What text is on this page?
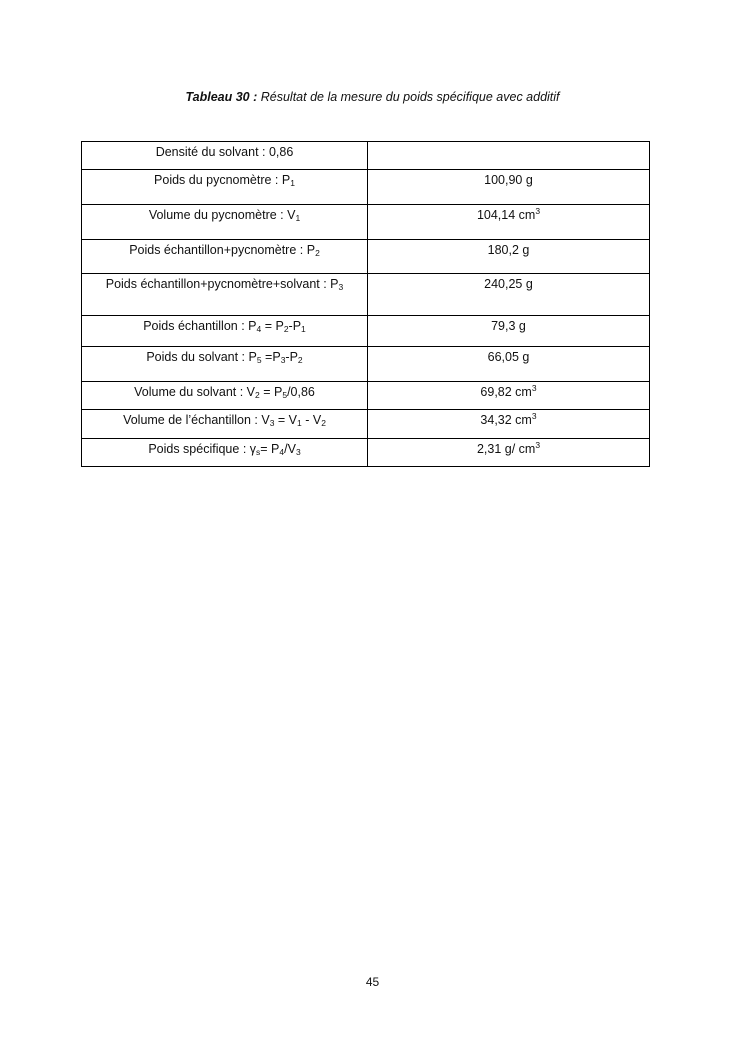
Tableau 30 : Résultat de la mesure du poids spécifique avec additif
Densité du solvant : 0,86	
Poids du pycnomètre : $P_1$	100,90 g
Volume du pycnomètre : $V_1$	104,14 $cm^3$
Poids échantillon+pycnomètre : $P_2$	180,2 g
Poids échantillon+pycnomètre+solvant : $P_3$	240,25 g
Poids échantillon : $P_4 = P_2-P_1$	79,3 g
Poids du solvant : $P_5 =P_3-P_2$	66,05 g
Volume du solvant : $V_2 = P_5/0,86$	69,82 $cm^3$
Volume de l’échantillon : $V_3 = V_1 - V_2$	34,32 $cm^3$
Poids spécifique : $\gamma_s= P_4/V_3$	2,31 g/ $cm^3$
45
